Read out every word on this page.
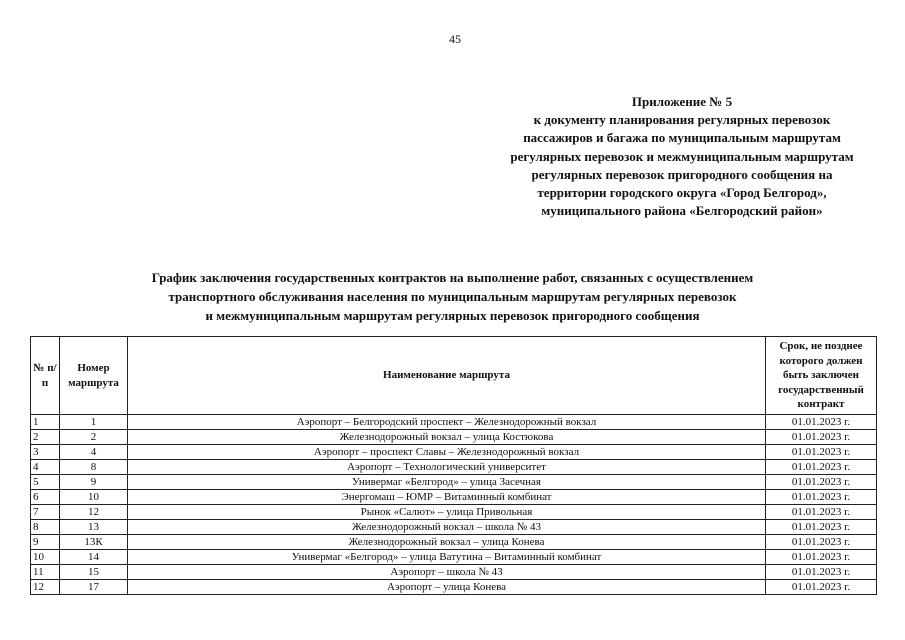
45
Приложение № 5
к документу планирования регулярных перевозок
пассажиров и багажа по муниципальным маршрутам
регулярных перевозок и межмуниципальным маршрутам
регулярных перевозок пригородного сообщения на
территории городского округа «Город Белгород»,
муниципального района «Белгородский район»
График заключения государственных контрактов на выполнение работ, связанных с осуществлением
транспортного обслуживания населения по муниципальным маршрутам регулярных перевозок
и межмуниципальным маршрутам регулярных перевозок пригородного сообщения
№ п/п	Номер маршрута	Наименование маршрута	Срок, не позднее которого должен быть заключен государственный контракт
1	1	Аэропорт – Белгородский проспект – Железнодорожный вокзал	01.01.2023 г.
2	2	Железнодорожный вокзал – улица Костюкова	01.01.2023 г.
3	4	Аэропорт – проспект Славы – Железнодорожный вокзал	01.01.2023 г.
4	8	Аэропорт – Технологический университет	01.01.2023 г.
5	9	Универмаг «Белгород» – улица Засечная	01.01.2023 г.
6	10	Энергомаш – ЮМР – Витаминный комбинат	01.01.2023 г.
7	12	Рынок «Салют» – улица Привольная	01.01.2023 г.
8	13	Железнодорожный вокзал – школа № 43	01.01.2023 г.
9	13К	Железнодорожный вокзал – улица Конева	01.01.2023 г.
10	14	Универмаг «Белгород» – улица Ватутина – Витаминный комбинат	01.01.2023 г.
11	15	Аэропорт – школа № 43	01.01.2023 г.
12	17	Аэропорт – улица Конева	01.01.2023 г.
